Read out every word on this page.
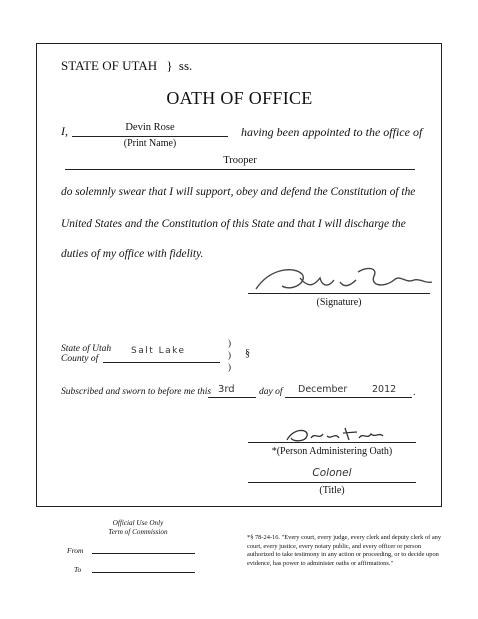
STATE OF UTAH } ss.
OATH OF OFFICE
I,	Devin Rose
(Print Name)
having been appointed to the office of
Trooper
do solemnly swear that I will support, obey and defend the Constitution of the
United States and the Constitution of this State and that I will discharge the
duties of my office with fidelity.
(Signature)
State of Utah
County of
Salt Lake
)
)
)
§
Subscribed and sworn to before me this 3rd	day of December	2012 .
*(Person Administering Oath)
Colonel
(Title)
Official Use Only
Term of Commission
From
To
*§ 78-24-16. "Every court, every judge, every clerk and deputy clerk of any court, every justice, every notary public, and every officer or person authorized to take testimony in any action or proceeding, or to decide upon evidence, has power to administer oaths or affirmations."
